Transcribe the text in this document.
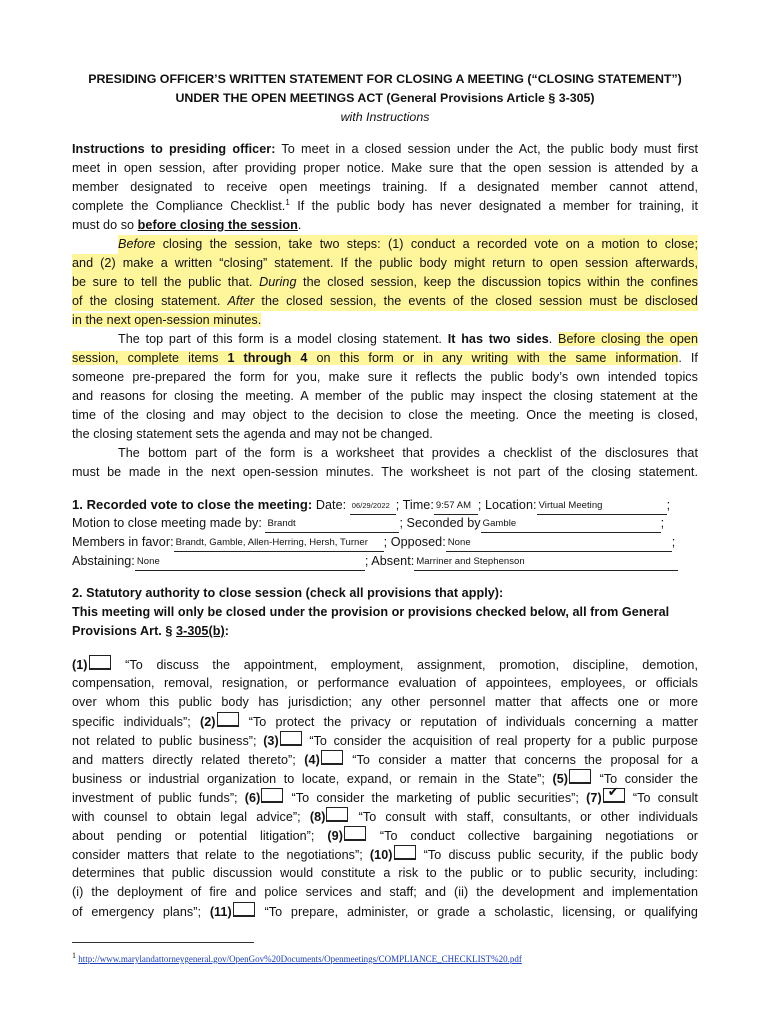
PRESIDING OFFICER’S WRITTEN STATEMENT FOR CLOSING A MEETING (“CLOSING STATEMENT”)
UNDER THE OPEN MEETINGS ACT (General Provisions Article § 3-305)
with Instructions
Instructions to presiding officer: To meet in a closed session under the Act, the public body must first
meet in open session, after providing proper notice. Make sure that the open session is attended by a
member designated to receive open meetings training. If a designated member cannot attend,
complete the Compliance Checklist.$^1$ If the public body has never designated a member for training, it
must do so before closing the session.
Before closing the session, take two steps: (1) conduct a recorded vote on a motion to close;
and (2) make a written “closing” statement. If the public body might return to open session afterwards,
be sure to tell the public that. During the closed session, keep the discussion topics within the confines
of the closing statement. After the closed session, the events of the closed session must be disclosed
in the next open-session minutes.
The top part of this form is a model closing statement. It has two sides. Before closing the open
session, complete items 1 through 4 on this form or in any writing with the same information. If
someone pre-prepared the form for you, make sure it reflects the public body’s own intended topics
and reasons for closing the meeting. A member of the public may inspect the closing statement at the
time of the closing and may object to the decision to close the meeting. Once the meeting is closed,
the closing statement sets the agenda and may not be changed.
The bottom part of the form is a worksheet that provides a checklist of the disclosures that
must be made in the next open-session minutes. The worksheet is not part of the closing statement.
1. Recorded vote to close the meeting: Date: 06/29/2022 ; Time: 9:57 AM ; Location: Virtual Meeting	;
Motion to close meeting made by: Brandt	; Seconded by Gamble	;
Members in favor: Brandt, Gamble, Allen-Herring, Hersh, Turner ; Opposed: None	;
Abstaining: None	; Absent: Marriner and Stephenson
2. Statutory authority to close session (check all provisions that apply):
This meeting will only be closed under the provision or provisions checked below, all from General
Provisions Art. § 3-305(b):
(1) “To discuss the appointment, employment, assignment, promotion, discipline, demotion,
compensation, removal, resignation, or performance evaluation of appointees, employees, or officials
over whom this public body has jurisdiction; any other personnel matter that affects one or more
specific individuals”; (2) “To protect the privacy or reputation of individuals concerning a matter
not related to public business”; (3) “To consider the acquisition of real property for a public purpose
and matters directly related thereto”; (4) “To consider a matter that concerns the proposal for a
business or industrial organization to locate, expand, or remain in the State”; (5) “To consider the
investment of public funds”; (6) “To consider the marketing of public securities”; (7) ✔ “To consult
with counsel to obtain legal advice”; (8) “To consult with staff, consultants, or other individuals
about pending or potential litigation”; (9) “To conduct collective bargaining negotiations or
consider matters that relate to the negotiations”; (10) “To discuss public security, if the public body
determines that public discussion would constitute a risk to the public or to public security, including:
(i) the deployment of fire and police services and staff; and (ii) the development and implementation
of emergency plans”; (11) “To prepare, administer, or grade a scholastic, licensing, or qualifying
1 http://www.marylandattorneygeneral.gov/OpenGov%20Documents/Openmeetings/COMPLIANCE_CHECKLIST%20.pdf
